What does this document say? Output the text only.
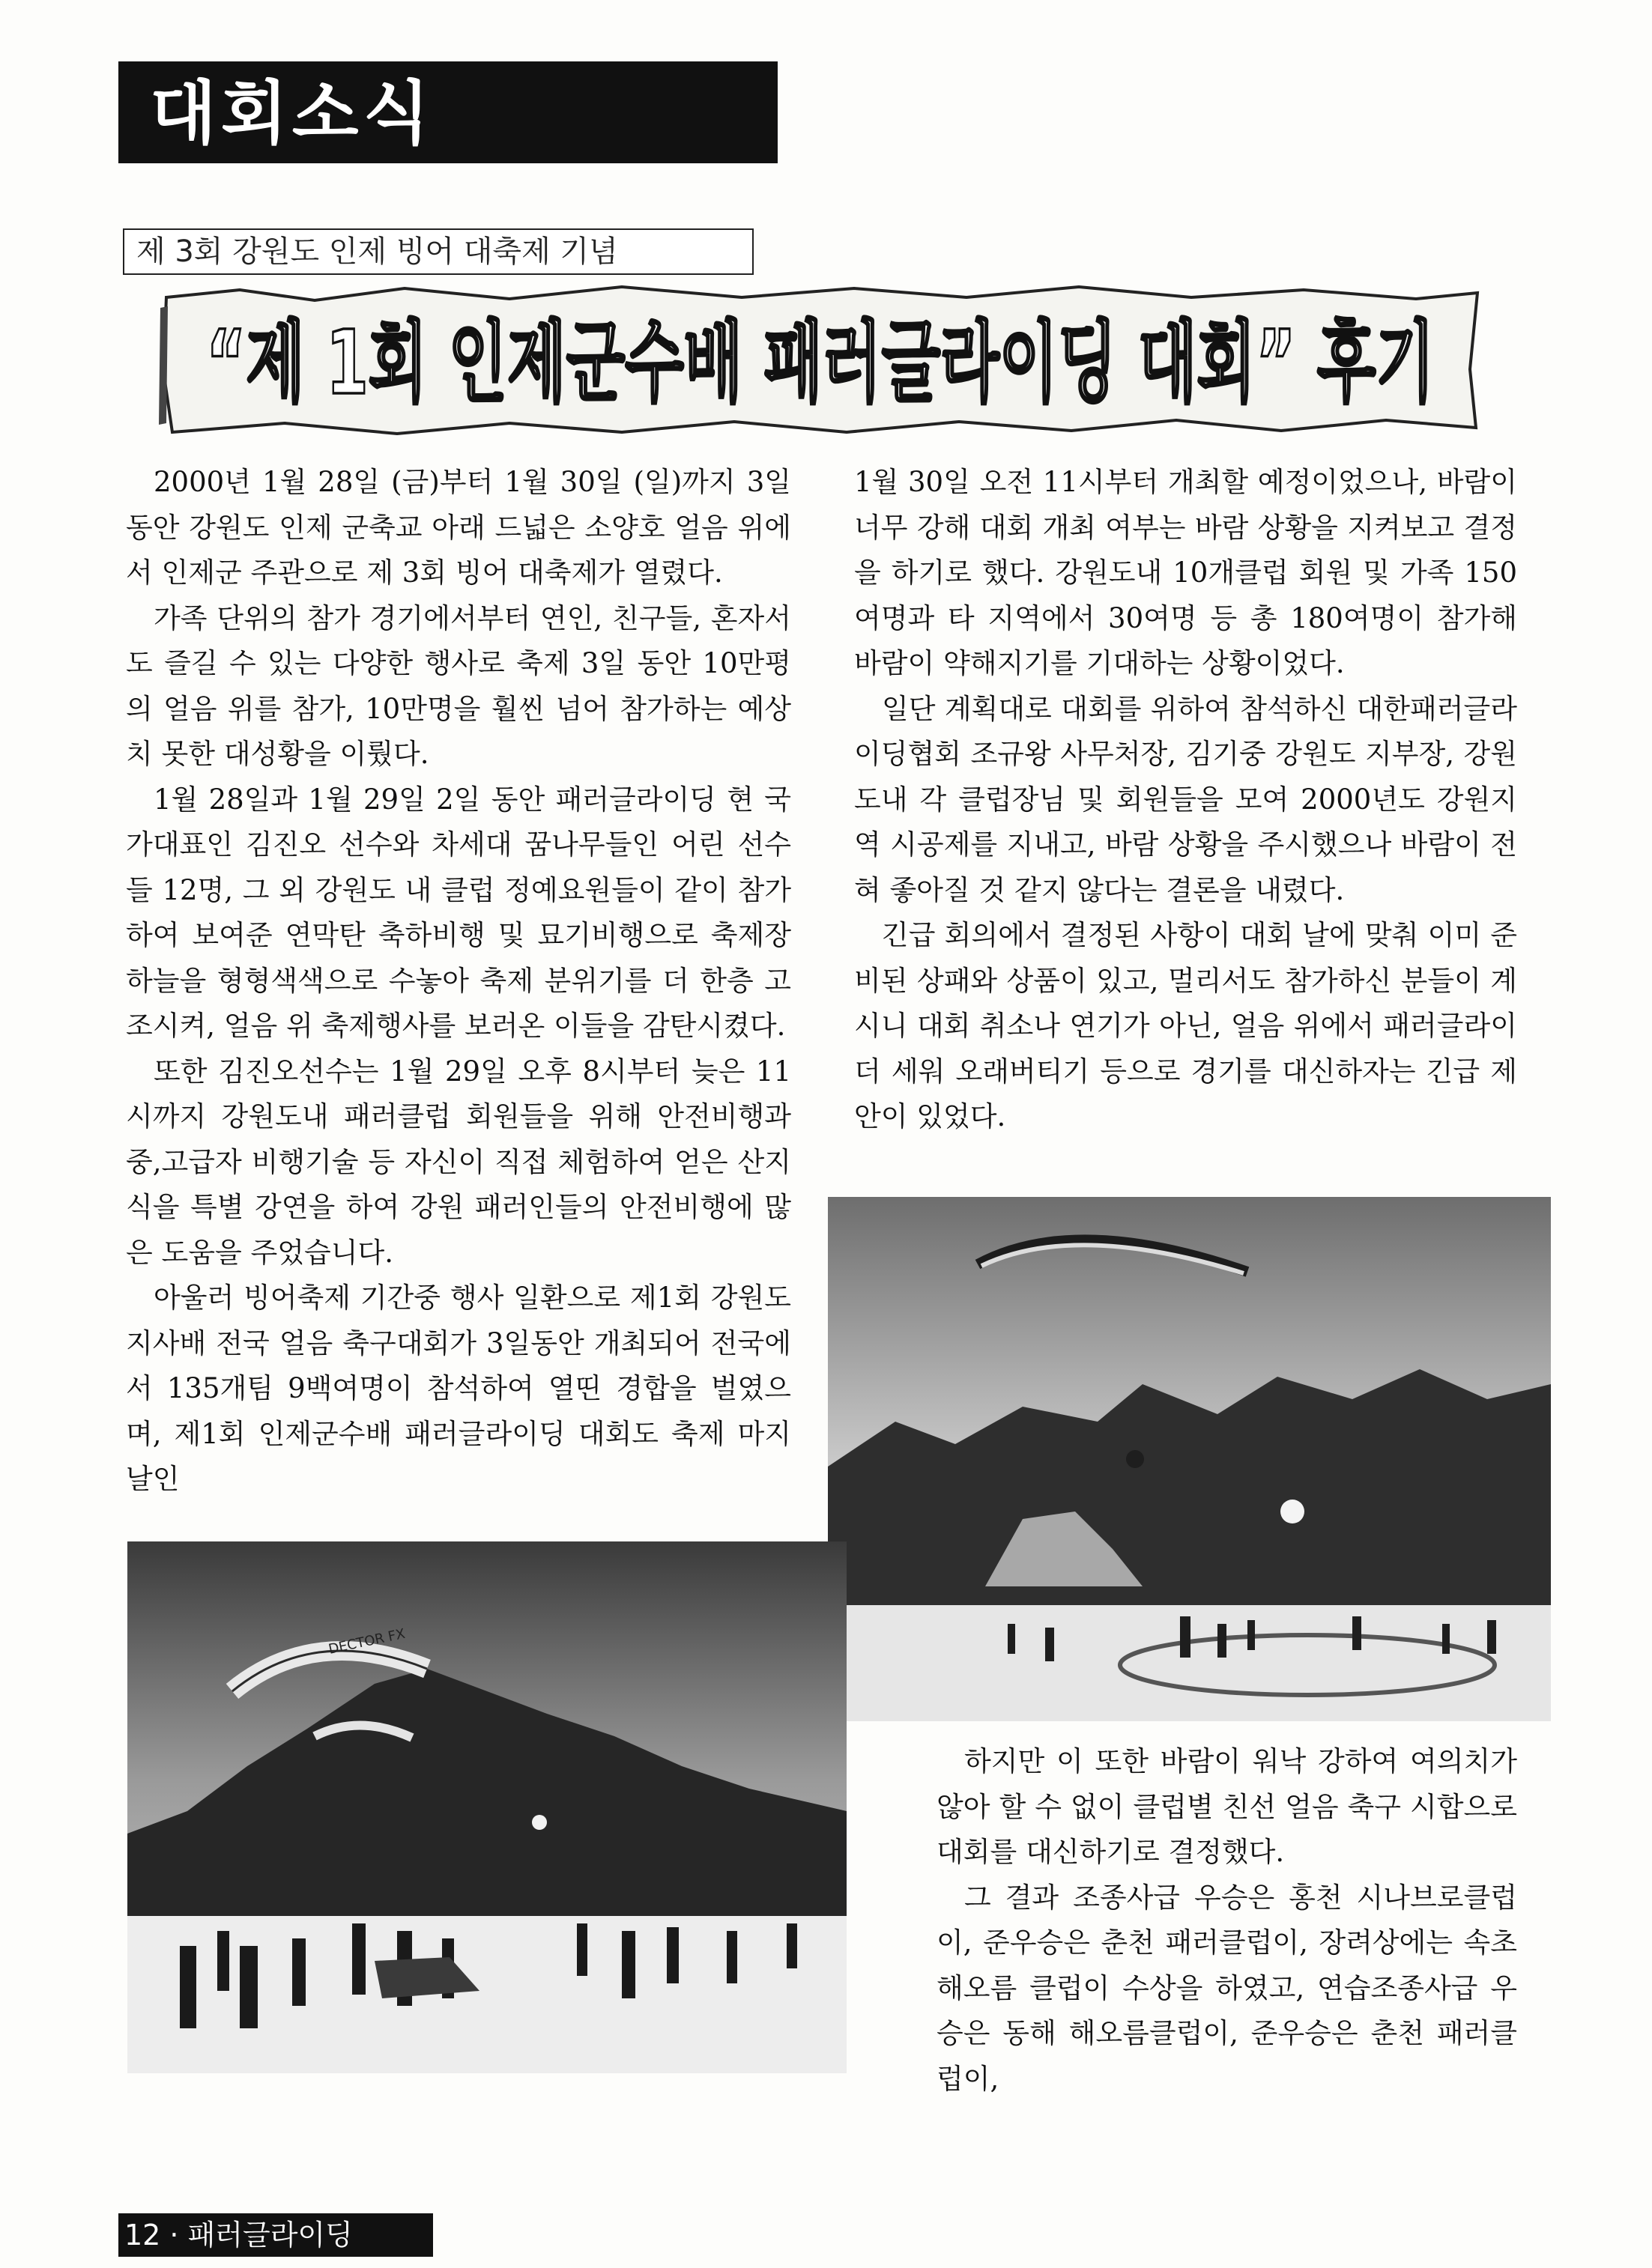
대회소식
제 3회 강원도 인제 빙어 대축제 기념
“제 1회 인제군수배 패러글라이딩 대회” 후기

2000년 1월 28일 (금)부터 1월 30일 (일)까지 3일 동안 강원도 인제 군축교 아래 드넓은 소양호 얼음 위에서 인제군 주관으로 제 3회 빙어 대축제가 열렸다.

가족 단위의 참가 경기에서부터 연인, 친구들, 혼자서도 즐길 수 있는 다양한 행사로 축제 3일 동안 10만평의 얼음 위를 참가, 10만명을 훨씬 넘어 참가하는 예상치 못한 대성황을 이뤘다.

1월 28일과 1월 29일 2일 동안 패러글라이딩 현 국가대표인 김진오 선수와 차세대 꿈나무들인 어린 선수들 12명, 그 외 강원도 내 클럽 정예요원들이 같이 참가하여 보여준 연막탄 축하비행 및 묘기비행으로 축제장 하늘을 형형색색으로 수놓아 축제 분위기를 더 한층 고조시켜, 얼음 위 축제행사를 보러온 이들을 감탄시켰다.

또한 김진오선수는 1월 29일 오후 8시부터 늦은 11시까지 강원도내 패러클럽 회원들을 위해 안전비행과 중,고급자 비행기술 등 자신이 직접 체험하여 얻은 산지식을 특별 강연을 하여 강원 패러인들의 안전비행에 많은 도움을 주었습니다.

아울러 빙어축제 기간중 행사 일환으로 제1회 강원도지사배 전국 얼음 축구대회가 3일동안 개최되어 전국에서 135개팀 9백여명이 참석하여 열띤 경합을 벌였으며, 제1회 인제군수배 패러글라이딩 대회도 축제 마지날인

1월 30일 오전 11시부터 개최할 예정이었으나, 바람이 너무 강해 대회 개최 여부는 바람 상황을 지켜보고 결정을 하기로 했다. 강원도내 10개클럽 회원 및 가족 150여명과 타 지역에서 30여명 등 총 180여명이 참가해 바람이 약해지기를 기대하는 상황이었다.

일단 계획대로 대회를 위하여 참석하신 대한패러글라이딩협회 조규왕 사무처장, 김기중 강원도 지부장, 강원도내 각 클럽장님 및 회원들을 모여 2000년도 강원지역 시공제를 지내고, 바람 상황을 주시했으나 바람이 전혀 좋아질 것 같지 않다는 결론을 내렸다.

긴급 회의에서 결정된 사항이 대회 날에 맞춰 이미 준비된 상패와 상품이 있고, 멀리서도 참가하신 분들이 계시니 대회 취소나 연기가 아닌, 얼음 위에서 패러글라이더 세워 오래버티기 등으로 경기를 대신하자는 긴급 제안이 있었다.

DECTOR FX

하지만 이 또한 바람이 워낙 강하여 여의치가 않아 할 수 없이 클럽별 친선 얼음 축구 시합으로 대회를 대신하기로 결정했다.

그 결과 조종사급 우승은 홍천 시나브로클럽이, 준우승은 춘천 패러클럽이, 장려상에는 속초 해오름 클럽이 수상을 하였고, 연습조종사급 우승은 동해 해오름클럽이, 준우승은 춘천 패러클럽이,

12 · 패러글라이딩
